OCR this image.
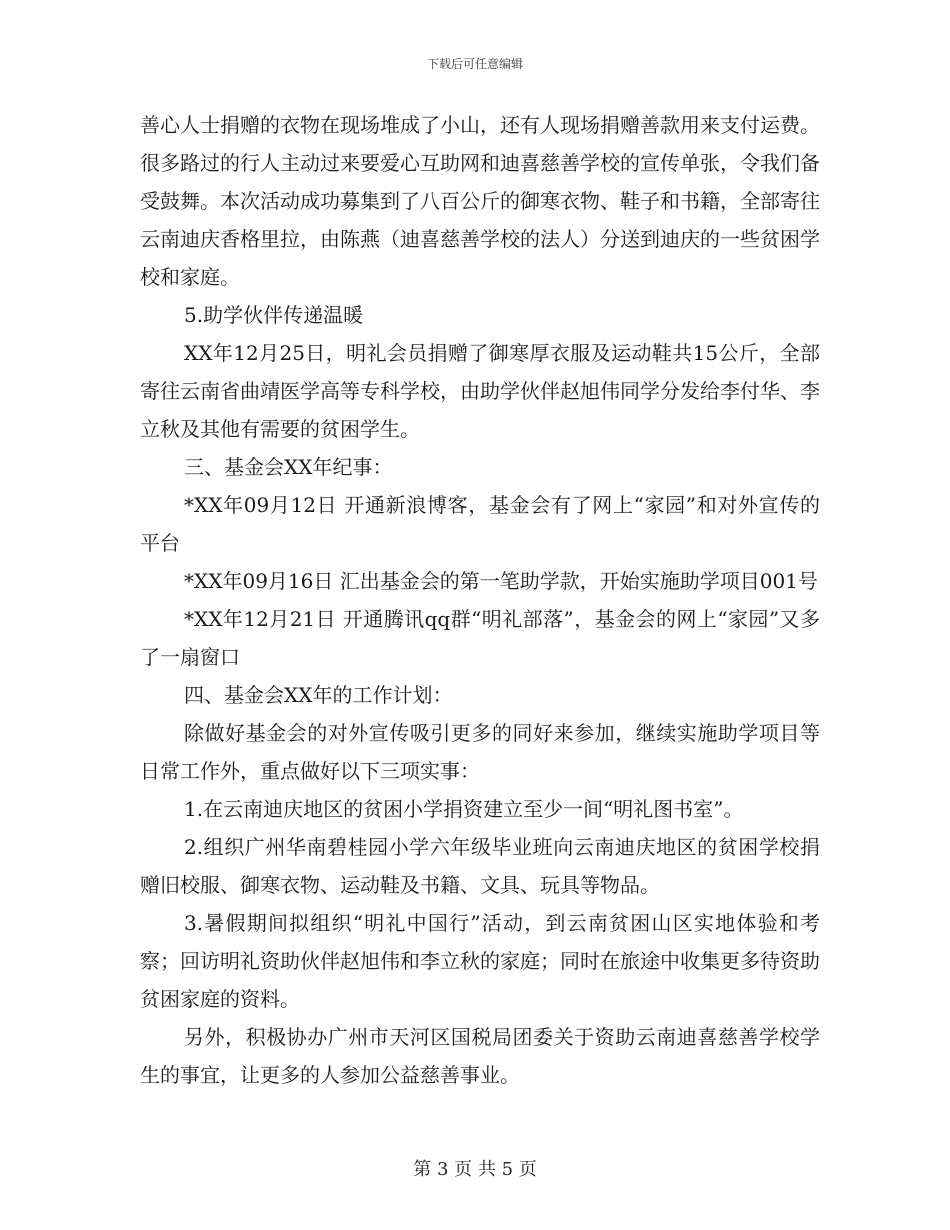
下载后可任意编辑

善心人士捐赠的衣物在现场堆成了小山，还有人现场捐赠善款用来支付运费。很多路过的行人主动过来要爱心互助网和迪喜慈善学校的宣传单张，令我们备受鼓舞。本次活动成功募集到了八百公斤的御寒衣物、鞋子和书籍，全部寄往云南迪庆香格里拉，由陈燕（迪喜慈善学校的法人）分送到迪庆的一些贫困学校和家庭。

5.助学伙伴传递温暖

XX年12月25日，明礼会员捐赠了御寒厚衣服及运动鞋共15公斤，全部寄往云南省曲靖医学高等专科学校，由助学伙伴赵旭伟同学分发给李付华、李立秋及其他有需要的贫困学生。

三、基金会XX年纪事：

*XX年09月12日 开通新浪博客，基金会有了网上“家园”和对外宣传的平台

*XX年09月16日 汇出基金会的第一笔助学款，开始实施助学项目001号

*XX年12月21日 开通腾讯qq群“明礼部落”，基金会的网上“家园”又多了一扇窗口

四、基金会XX年的工作计划：

除做好基金会的对外宣传吸引更多的同好来参加，继续实施助学项目等日常工作外，重点做好以下三项实事：

1.在云南迪庆地区的贫困小学捐资建立至少一间“明礼图书室”。

2.组织广州华南碧桂园小学六年级毕业班向云南迪庆地区的贫困学校捐赠旧校服、御寒衣物、运动鞋及书籍、文具、玩具等物品。

3.暑假期间拟组织“明礼中国行”活动，到云南贫困山区实地体验和考察；回访明礼资助伙伴赵旭伟和李立秋的家庭；同时在旅途中收集更多待资助贫困家庭的资料。

另外，积极协办广州市天河区国税局团委关于资助云南迪喜慈善学校学生的事宜，让更多的人参加公益慈善事业。

第 3 页 共 5 页
